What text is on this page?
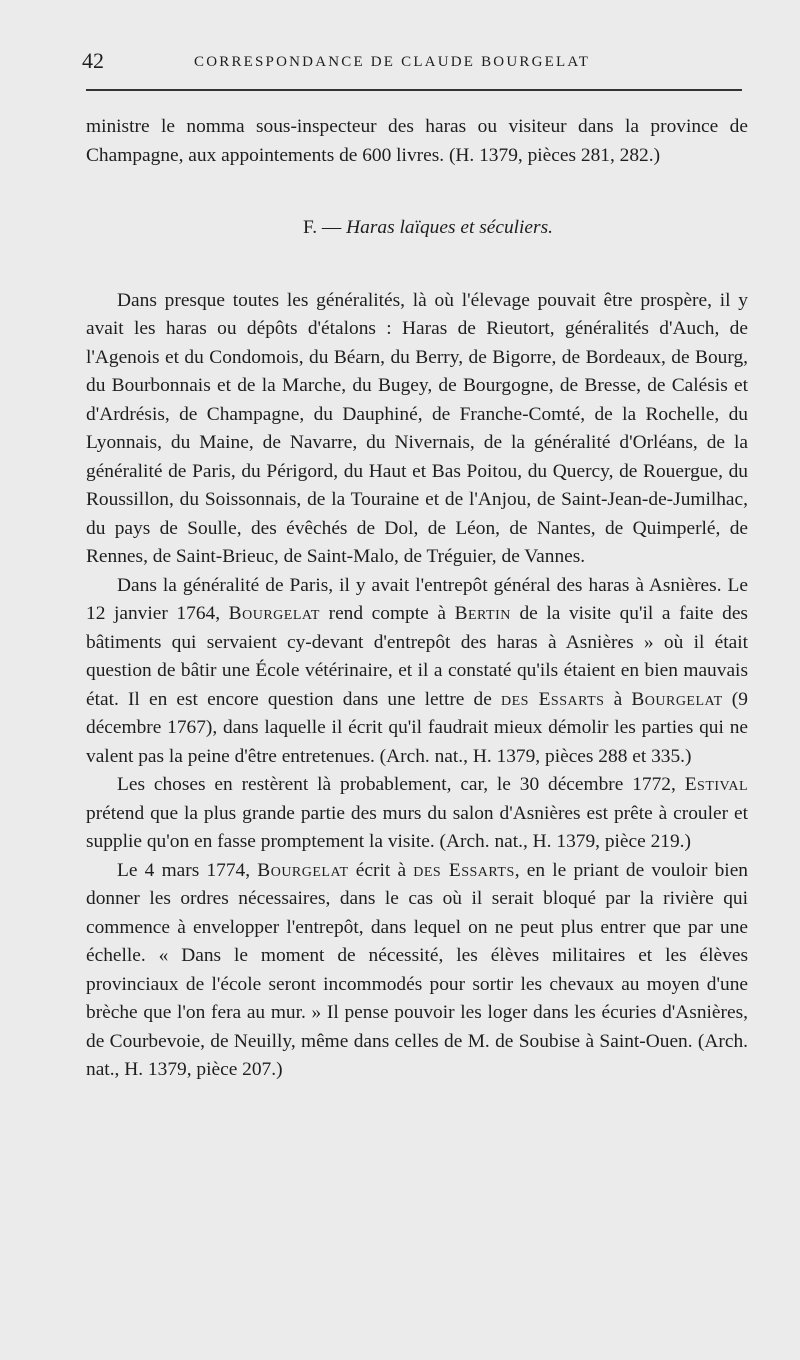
42	CORRESPONDANCE DE CLAUDE BOURGELAT

ministre le nomma sous-inspecteur des haras ou visiteur dans la province de Champagne, aux appointements de 600 livres. (H. 1379, pièces 281, 282.)

F. — Haras laïques et séculiers.

Dans presque toutes les généralités, là où l'élevage pouvait être prospère, il y avait les haras ou dépôts d'étalons : Haras de Rieutort, généralités d'Auch, de l'Agenois et du Condomois, du Béarn, du Berry, de Bigorre, de Bordeaux, de Bourg, du Bourbonnais et de la Marche, du Bugey, de Bourgogne, de Bresse, de Calésis et d'Ardrésis, de Champagne, du Dauphiné, de Franche-Comté, de la Rochelle, du Lyonnais, du Maine, de Navarre, du Nivernais, de la généralité d'Orléans, de la généralité de Paris, du Périgord, du Haut et Bas Poitou, du Quercy, de Rouergue, du Roussillon, du Soissonnais, de la Touraine et de l'Anjou, de Saint-Jean-de-Jumilhac, du pays de Soulle, des évêchés de Dol, de Léon, de Nantes, de Quimperlé, de Rennes, de Saint-Brieuc, de Saint-Malo, de Tréguier, de Vannes.

Dans la généralité de Paris, il y avait l'entrepôt général des haras à Asnières. Le 12 janvier 1764, Bourgelat rend compte à Bertin de la visite qu'il a faite des bâtiments qui servaient cy-devant d'entrepôt des haras à Asnières » où il était question de bâtir une École vétérinaire, et il a constaté qu'ils étaient en bien mauvais état. Il en est encore question dans une lettre de des Essarts à Bourgelat (9 décembre 1767), dans laquelle il écrit qu'il faudrait mieux démolir les parties qui ne valent pas la peine d'être entretenues. (Arch. nat., H. 1379, pièces 288 et 335.)

Les choses en restèrent là probablement, car, le 30 décembre 1772, Estival prétend que la plus grande partie des murs du salon d'Asnières est prête à crouler et supplie qu'on en fasse promptement la visite. (Arch. nat., H. 1379, pièce 219.)

Le 4 mars 1774, Bourgelat écrit à des Essarts, en le priant de vouloir bien donner les ordres nécessaires, dans le cas où il serait bloqué par la rivière qui commence à envelopper l'entrepôt, dans lequel on ne peut plus entrer que par une échelle. « Dans le moment de nécessité, les élèves militaires et les élèves provinciaux de l'école seront incommodés pour sortir les chevaux au moyen d'une brèche que l'on fera au mur. » Il pense pouvoir les loger dans les écuries d'Asnières, de Courbevoie, de Neuilly, même dans celles de M. de Soubise à Saint-Ouen. (Arch. nat., H. 1379, pièce 207.)
